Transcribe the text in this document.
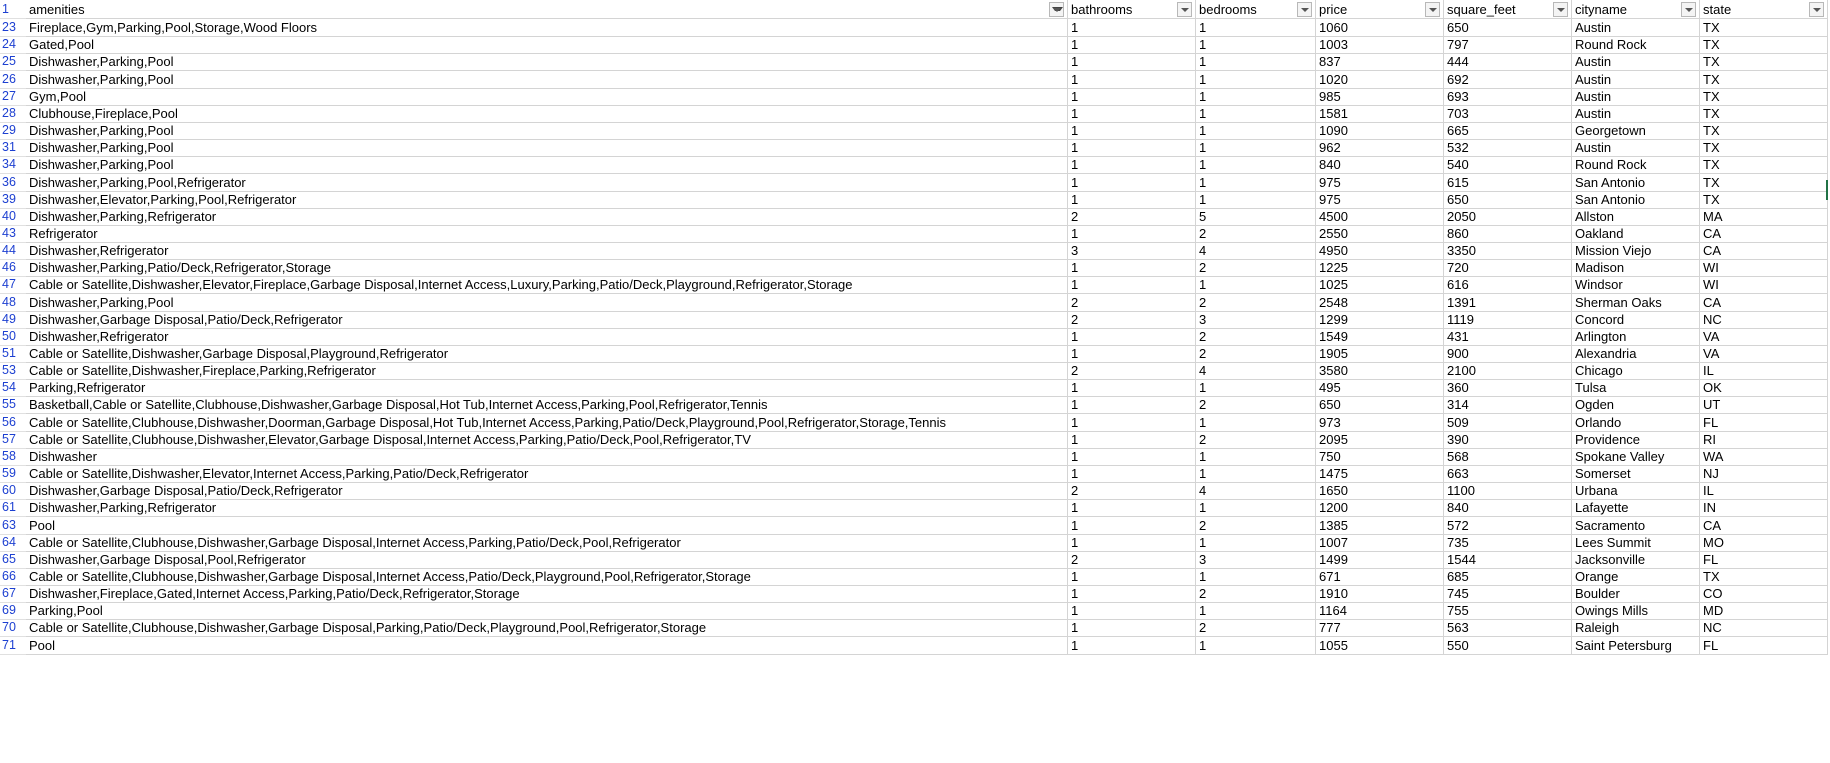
1	amenities	bathrooms	bedrooms	price	square_feet	cityname	state
23	Fireplace,Gym,Parking,Pool,Storage,Wood Floors	1	1	1060	650	Austin	TX
24	Gated,Pool	1	1	1003	797	Round Rock	TX
25	Dishwasher,Parking,Pool	1	1	837	444	Austin	TX
26	Dishwasher,Parking,Pool	1	1	1020	692	Austin	TX
27	Gym,Pool	1	1	985	693	Austin	TX
28	Clubhouse,Fireplace,Pool	1	1	1581	703	Austin	TX
29	Dishwasher,Parking,Pool	1	1	1090	665	Georgetown	TX
31	Dishwasher,Parking,Pool	1	1	962	532	Austin	TX
34	Dishwasher,Parking,Pool	1	1	840	540	Round Rock	TX
36	Dishwasher,Parking,Pool,Refrigerator	1	1	975	615	San Antonio	TX
39	Dishwasher,Elevator,Parking,Pool,Refrigerator	1	1	975	650	San Antonio	TX
40	Dishwasher,Parking,Refrigerator	2	5	4500	2050	Allston	MA
43	Refrigerator	1	2	2550	860	Oakland	CA
44	Dishwasher,Refrigerator	3	4	4950	3350	Mission Viejo	CA
46	Dishwasher,Parking,Patio/Deck,Refrigerator,Storage	1	2	1225	720	Madison	WI
47	Cable or Satellite,Dishwasher,Elevator,Fireplace,Garbage Disposal,Internet Access,Luxury,Parking,Patio/Deck,Playground,Refrigerator,Storage	1	1	1025	616	Windsor	WI
48	Dishwasher,Parking,Pool	2	2	2548	1391	Sherman Oaks	CA
49	Dishwasher,Garbage Disposal,Patio/Deck,Refrigerator	2	3	1299	1119	Concord	NC
50	Dishwasher,Refrigerator	1	2	1549	431	Arlington	VA
51	Cable or Satellite,Dishwasher,Garbage Disposal,Playground,Refrigerator	1	2	1905	900	Alexandria	VA
53	Cable or Satellite,Dishwasher,Fireplace,Parking,Refrigerator	2	4	3580	2100	Chicago	IL
54	Parking,Refrigerator	1	1	495	360	Tulsa	OK
55	Basketball,Cable or Satellite,Clubhouse,Dishwasher,Garbage Disposal,Hot Tub,Internet Access,Parking,Pool,Refrigerator,Tennis	1	2	650	314	Ogden	UT
56	Cable or Satellite,Clubhouse,Dishwasher,Doorman,Garbage Disposal,Hot Tub,Internet Access,Parking,Patio/Deck,Playground,Pool,Refrigerator,Storage,Tennis	1	1	973	509	Orlando	FL
57	Cable or Satellite,Clubhouse,Dishwasher,Elevator,Garbage Disposal,Internet Access,Parking,Patio/Deck,Pool,Refrigerator,TV	1	2	2095	390	Providence	RI
58	Dishwasher	1	1	750	568	Spokane Valley	WA
59	Cable or Satellite,Dishwasher,Elevator,Internet Access,Parking,Patio/Deck,Refrigerator	1	1	1475	663	Somerset	NJ
60	Dishwasher,Garbage Disposal,Patio/Deck,Refrigerator	2	4	1650	1100	Urbana	IL
61	Dishwasher,Parking,Refrigerator	1	1	1200	840	Lafayette	IN
63	Pool	1	2	1385	572	Sacramento	CA
64	Cable or Satellite,Clubhouse,Dishwasher,Garbage Disposal,Internet Access,Parking,Patio/Deck,Pool,Refrigerator	1	1	1007	735	Lees Summit	MO
65	Dishwasher,Garbage Disposal,Pool,Refrigerator	2	3	1499	1544	Jacksonville	FL
66	Cable or Satellite,Clubhouse,Dishwasher,Garbage Disposal,Internet Access,Patio/Deck,Playground,Pool,Refrigerator,Storage	1	1	671	685	Orange	TX
67	Dishwasher,Fireplace,Gated,Internet Access,Parking,Patio/Deck,Refrigerator,Storage	1	2	1910	745	Boulder	CO
69	Parking,Pool	1	1	1164	755	Owings Mills	MD
70	Cable or Satellite,Clubhouse,Dishwasher,Garbage Disposal,Parking,Patio/Deck,Playground,Pool,Refrigerator,Storage	1	2	777	563	Raleigh	NC
71	Pool	1	1	1055	550	Saint Petersburg	FL
